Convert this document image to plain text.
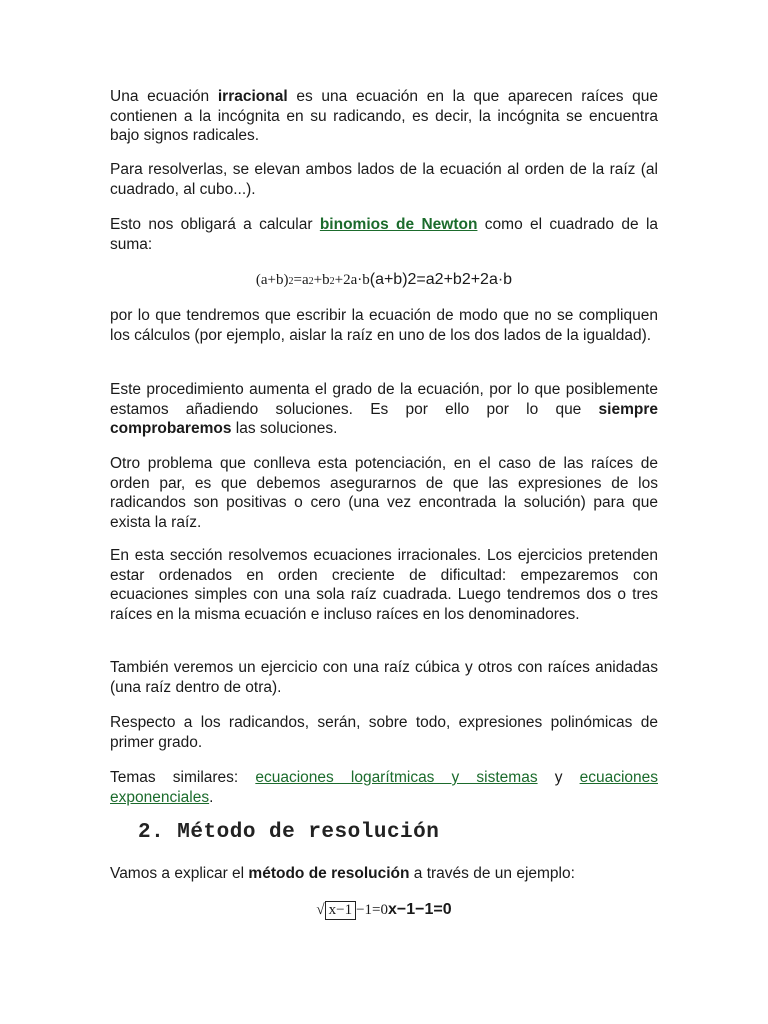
Una ecuación irracional es una ecuación en la que aparecen raíces que contienen a la incógnita en su radicando, es decir, la incógnita se encuentra bajo signos radicales.

Para resolverlas, se elevan ambos lados de la ecuación al orden de la raíz (al cuadrado, al cubo...).

Esto nos obligará a calcular binomios de Newton como el cuadrado de la suma:

(a+b)2=a2+b2+2a·b(a+b)2=a2+b2+2a·b

por lo que tendremos que escribir la ecuación de modo que no se compliquen los cálculos (por ejemplo, aislar la raíz en uno de los dos lados de la igualdad).

Este procedimiento aumenta el grado de la ecuación, por lo que posiblemente estamos añadiendo soluciones. Es por ello por lo que siempre comprobaremos las soluciones.

Otro problema que conlleva esta potenciación, en el caso de las raíces de orden par, es que debemos asegurarnos de que las expresiones de los radicandos son positivas o cero (una vez encontrada la solución) para que exista la raíz.

En esta sección resolvemos ecuaciones irracionales. Los ejercicios pretenden estar ordenados en orden creciente de dificultad: empezaremos con ecuaciones simples con una sola raíz cuadrada. Luego tendremos dos o tres raíces en la misma ecuación e incluso raíces en los denominadores.

También veremos un ejercicio con una raíz cúbica y otros con raíces anidadas (una raíz dentro de otra).

Respecto a los radicandos, serán, sobre todo, expresiones polinómicas de primer grado.

Temas similares: ecuaciones logarítmicas y sistemas y ecuaciones exponenciales.

2. Método de resolución

Vamos a explicar el método de resolución a través de un ejemplo:

√ x−1 −1=0x−1−1=0
